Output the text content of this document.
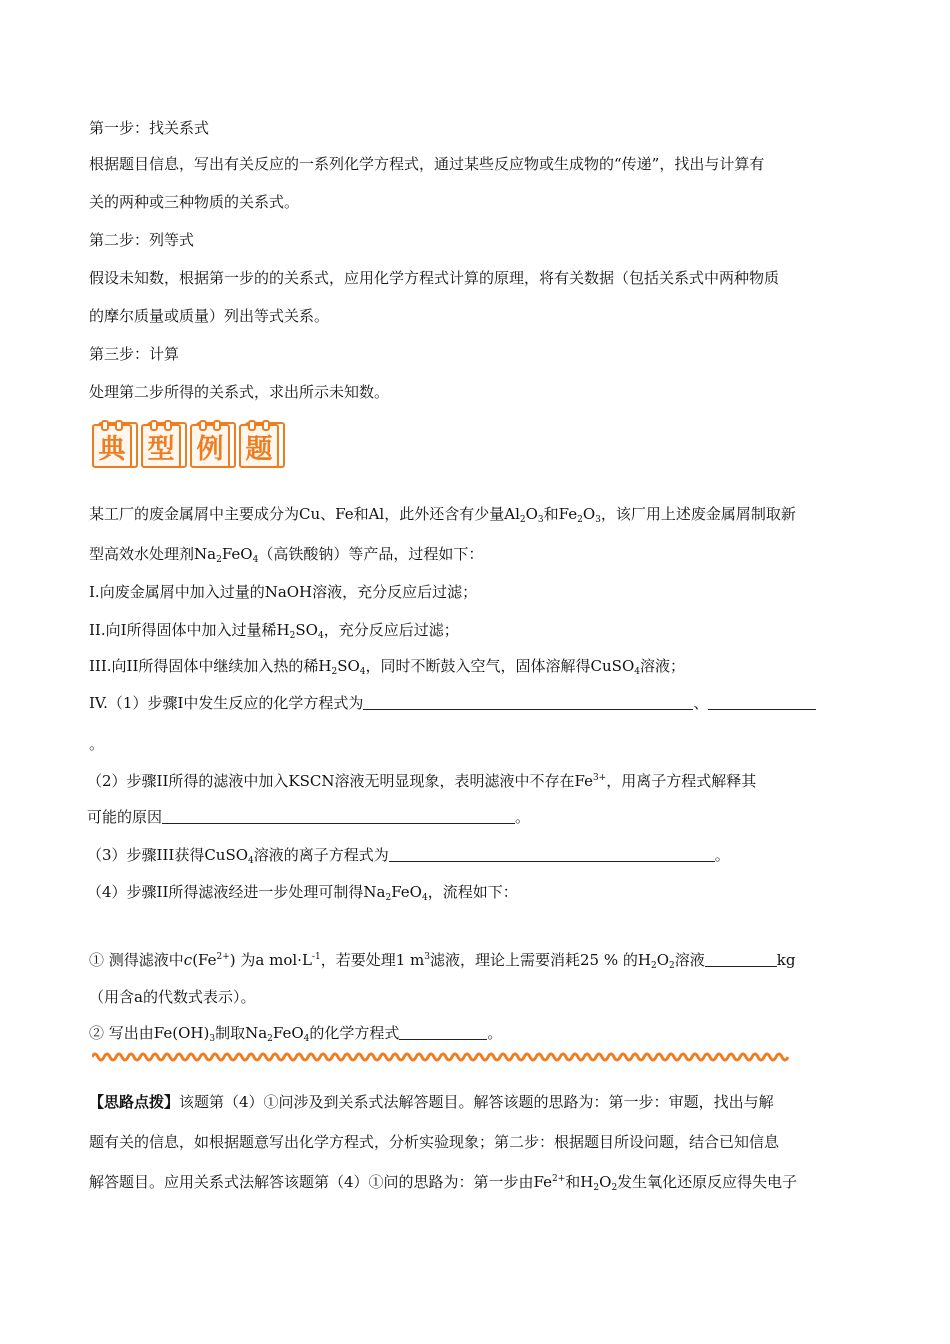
第一步：找关系式
根据题目信息，写出有关反应的一系列化学方程式，通过某些反应物或生成物的“传递”，找出与计算有
关的两种或三种物质的关系式。
第二步：列等式
假设未知数，根据第一步的的关系式，应用化学方程式计算的原理，将有关数据（包括关系式中两种物质
的摩尔质量或质量）列出等式关系。
第三步：计算
处理第二步所得的关系式，求出所示未知数。
典 型 例 题
某工厂的废金属屑中主要成分为Cu、Fe和Al，此外还含有少量$Al_2O_3$和$Fe_2O_3$，该厂用上述废金属屑制取新
型高效水处理剂$Na_2FeO_4$（高铁酸钠）等产品，过程如下：
I.向废金属屑中加入过量的NaOH溶液，充分反应后过滤；
II.向I所得固体中加入过量稀$H_2SO_4$，充分反应后过滤；
III.向II所得固体中继续加入热的稀$H_2SO_4$，同时不断鼓入空气，固体溶解得CuSO$_4$溶液；
IV.（1）步骤I中发生反应的化学方程式为	、
。
（2）步骤II所得的滤液中加入KSCN溶液无明显现象，表明滤液中不存在$Fe^{3+}$，用离子方程式解释其
可能的原因	。
（3）步骤III获得CuSO$_4$溶液的离子方程式为	。
（4）步骤II所得滤液经进一步处理可制得$Na_2FeO_4$，流程如下：
① 测得滤液中$c(Fe^{2+})$ 为a $mol\cdot L^{-1}$，若要处理1 $m^3$滤液，理论上需要消耗25 % 的$H_2O_2$溶液	kg
（用含a的代数式表示）。
② 写出由$Fe(OH)_3$制取$Na_2FeO_4$的化学方程式	。
【思路点拨】该题第（4）①问涉及到关系式法解答题目。解答该题的思路为：第一步：审题，找出与解
题有关的信息，如根据题意写出化学方程式，分析实验现象；第二步：根据题目所设问题，结合已知信息
解答题目。应用关系式法解答该题第（4）①问的思路为：第一步由$Fe^{2+}$和$H_2O_2$发生氧化还原反应得失电子
